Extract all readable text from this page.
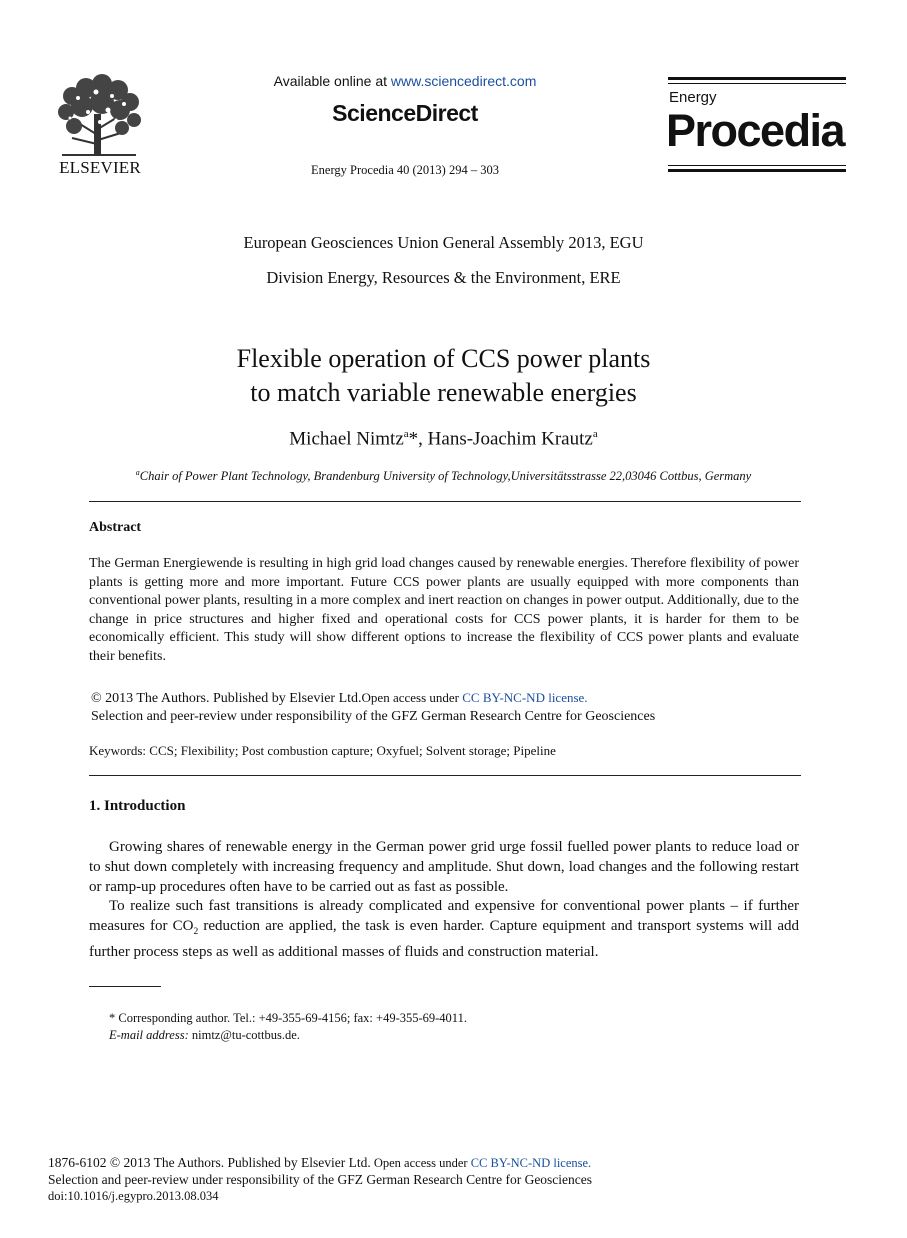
ELSEVIER
Available online at www.sciencedirect.com
ScienceDirect
Energy Procedia 40 (2013) 294 – 303
Energy
Procedia
European Geosciences Union General Assembly 2013, EGU
Division Energy, Resources & the Environment, ERE
Flexible operation of CCS power plants
to match variable renewable energies
Michael Nimtz$^a$*, Hans-Joachim Krautz$^a$
$^a$Chair of Power Plant Technology, Brandenburg University of Technology,Universitätsstrasse 22,03046 Cottbus, Germany
Abstract
The German Energiewende is resulting in high grid load changes caused by renewable energies. Therefore flexibility of power plants is getting more and more important. Future CCS power plants are usually equipped with more components than conventional power plants, resulting in a more complex and inert reaction on changes in power output. Additionally, due to the change in price structures and higher fixed and operational costs for CCS power plants, it is harder for them to be economically efficient. This study will show different options to increase the flexibility of CCS power plants and evaluate their benefits.
© 2013 The Authors. Published by Elsevier Ltd.Open access under CC BY-NC-ND license.
Selection and peer-review under responsibility of the GFZ German Research Centre for Geosciences
Keywords: CCS; Flexibility; Post combustion capture; Oxyfuel; Solvent storage; Pipeline
1. Introduction

Growing shares of renewable energy in the German power grid urge fossil fuelled power plants to reduce load or to shut down completely with increasing frequency and amplitude. Shut down, load changes and the following restart or ramp-up procedures often have to be carried out as fast as possible.

To realize such fast transitions is already complicated and expensive for conventional power plants – if further measures for $CO_2$ reduction are applied, the task is even harder. Capture equipment and transport systems will add further process steps as well as additional masses of fluids and construction material.

* Corresponding author. Tel.: +49-355-69-4156; fax: +49-355-69-4011.
E-mail address: nimtz@tu-cottbus.de.
1876-6102 © 2013 The Authors. Published by Elsevier Ltd. Open access under CC BY-NC-ND license.
Selection and peer-review under responsibility of the GFZ German Research Centre for Geosciences
doi:10.1016/j.egypro.2013.08.034
